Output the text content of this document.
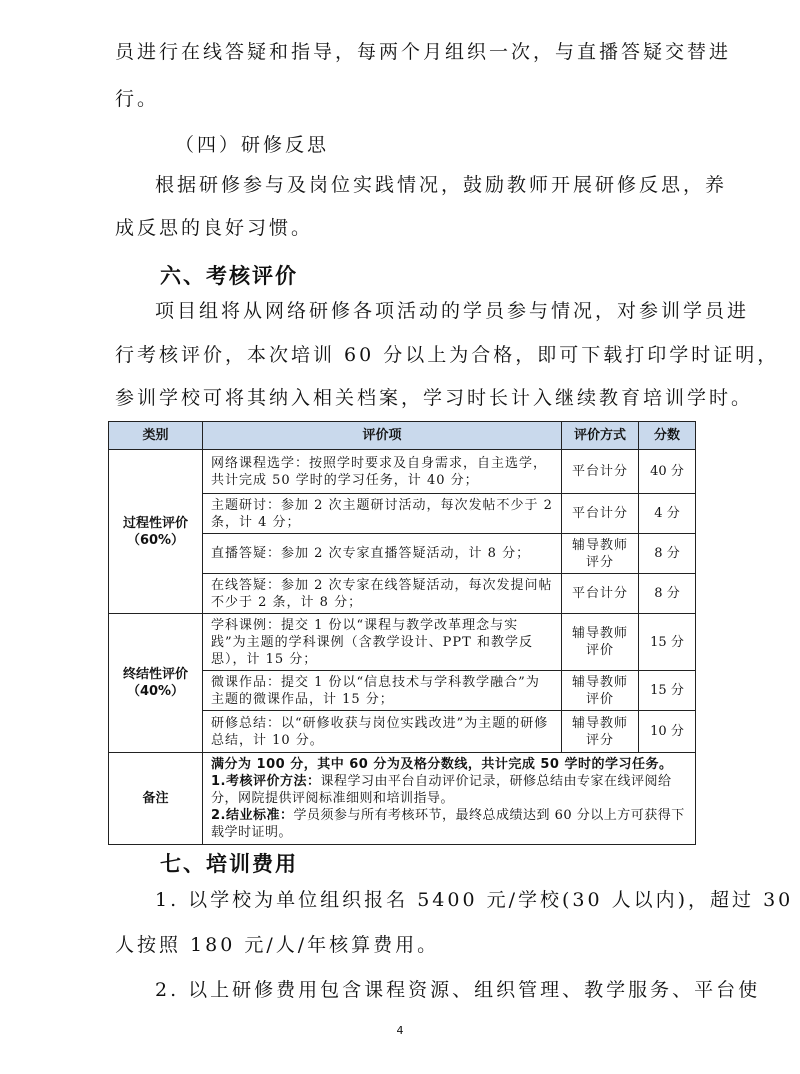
员进行在线答疑和指导，每两个月组织一次，与直播答疑交替进
行。
（四）研修反思
根据研修参与及岗位实践情况，鼓励教师开展研修反思，养
成反思的良好习惯。
六、考核评价
项目组将从网络研修各项活动的学员参与情况，对参训学员进
行考核评价，本次培训 60 分以上为合格，即可下载打印学时证明，
参训学校可将其纳入相关档案，学习时长计入继续教育培训学时。
类别	评价项	评价方式	分数

过程性评价
（60%）	网络课程选学：按照学时要求及自身需求，自主选学，共计完成 50 学时的学习任务，计 40 分；	平台计分	40 分
	主题研讨：参加 2 次主题研讨活动，每次发帖不少于 2 条，计 4 分；	平台计分	4 分
	直播答疑：参加 2 次专家直播答疑活动，计 8 分；	辅导教师评分	8 分
	在线答疑：参加 2 次专家在线答疑活动，每次发提问帖不少于 2 条，计 8 分；	平台计分	8 分

终结性评价
（40%）	学科课例：提交 1 份以“课程与教学改革理念与实践”为主题的学科课例（含教学设计、PPT 和教学反思），计 15 分；	辅导教师评价	15 分
	微课作品：提交 1 份以“信息技术与学科教学融合”为主题的微课作品，计 15 分；	辅导教师评价	15 分
	研修总结：以“研修收获与岗位实践改进”为主题的研修总结，计 10 分。	辅导教师评分	10 分
备注	满分为 100 分，其中 60 分为及格分数线，共计完成 50 学时的学习任务。
1.考核评价方法：课程学习由平台自动评价记录，研修总结由专家在线评阅给分，网院提供评阅标准细则和培训指导。
2.结业标准：学员须参与所有考核环节，最终总成绩达到 60 分以上方可获得下载学时证明。		
七、培训费用
1. 以学校为单位组织报名 5400 元/学校(30 人以内)，超过 30
人按照 180 元/人/年核算费用。
2. 以上研修费用包含课程资源、组织管理、教学服务、平台使
4
